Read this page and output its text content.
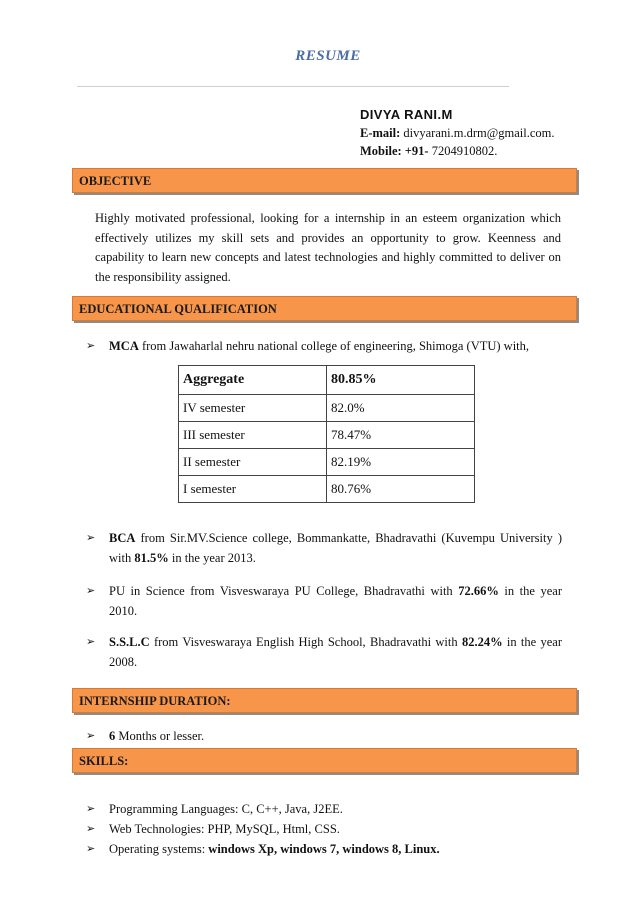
RESUME
DIVYA RANI.M
E-mail: divyarani.m.drm@gmail.com.
Mobile: +91- 7204910802.
OBJECTIVE
Highly motivated professional, looking for a internship in an esteem organization which effectively utilizes my skill sets and provides an opportunity to grow. Keenness and capability to learn new concepts and latest technologies and highly committed to deliver on the responsibility assigned.
EDUCATIONAL QUALIFICATION
➢ MCA from Jawaharlal nehru national college of engineering, Shimoga (VTU) with,
Aggregate	80.85%
IV semester	82.0%
III semester	78.47%
II semester	82.19%
I semester	80.76%
➢ BCA from Sir.MV.Science college, Bommankatte, Bhadravathi (Kuvempu University ) with 81.5% in the year 2013.
➢ PU in Science from Visveswaraya PU College, Bhadravathi with 72.66% in the year 2010.
➢ S.S.L.C from Visveswaraya English High School, Bhadravathi with 82.24% in the year 2008.
INTERNSHIP DURATION:
➢ 6 Months or lesser.
SKILLS:
➢ Programming Languages: C, C++, Java, J2EE.
➢ Web Technologies: PHP, MySQL, Html, CSS.
➢ Operating systems: windows Xp, windows 7, windows 8, Linux.
